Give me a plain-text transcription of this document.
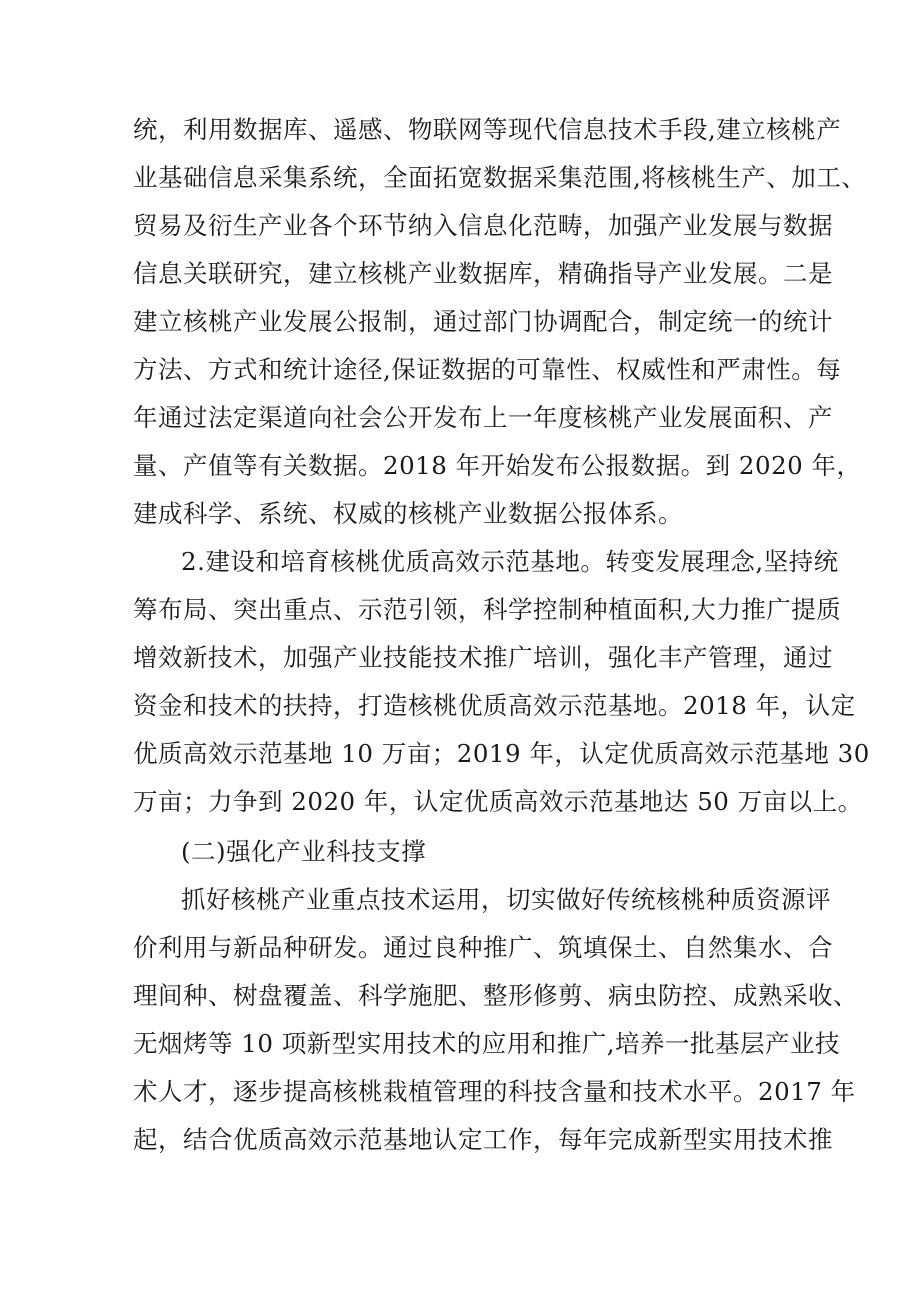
统，利用数据库、遥感、物联网等现代信息技术手段,建立核桃产
业基础信息采集系统，全面拓宽数据采集范围,将核桃生产、加工、
贸易及衍生产业各个环节纳入信息化范畴，加强产业发展与数据
信息关联研究，建立核桃产业数据库，精确指导产业发展。二是
建立核桃产业发展公报制，通过部门协调配合，制定统一的统计
方法、方式和统计途径,保证数据的可靠性、权威性和严肃性。每
年通过法定渠道向社会公开发布上一年度核桃产业发展面积、产
量、产值等有关数据。2018 年开始发布公报数据。到 2020 年，
建成科学、系统、权威的核桃产业数据公报体系。
2.建设和培育核桃优质高效示范基地。转变发展理念,坚持统
筹布局、突出重点、示范引领，科学控制种植面积,大力推广提质
增效新技术，加强产业技能技术推广培训，强化丰产管理，通过
资金和技术的扶持，打造核桃优质高效示范基地。2018 年，认定
优质高效示范基地 10 万亩；2019 年，认定优质高效示范基地 30
万亩；力争到 2020 年，认定优质高效示范基地达 50 万亩以上。
(二)强化产业科技支撑
抓好核桃产业重点技术运用，切实做好传统核桃种质资源评
价利用与新品种研发。通过良种推广、筑填保土、自然集水、合
理间种、树盘覆盖、科学施肥、整形修剪、病虫防控、成熟采收、
无烟烤等 10 项新型实用技术的应用和推广,培养一批基层产业技
术人才，逐步提高核桃栽植管理的科技含量和技术水平。2017 年
起，结合优质高效示范基地认定工作，每年完成新型实用技术推
